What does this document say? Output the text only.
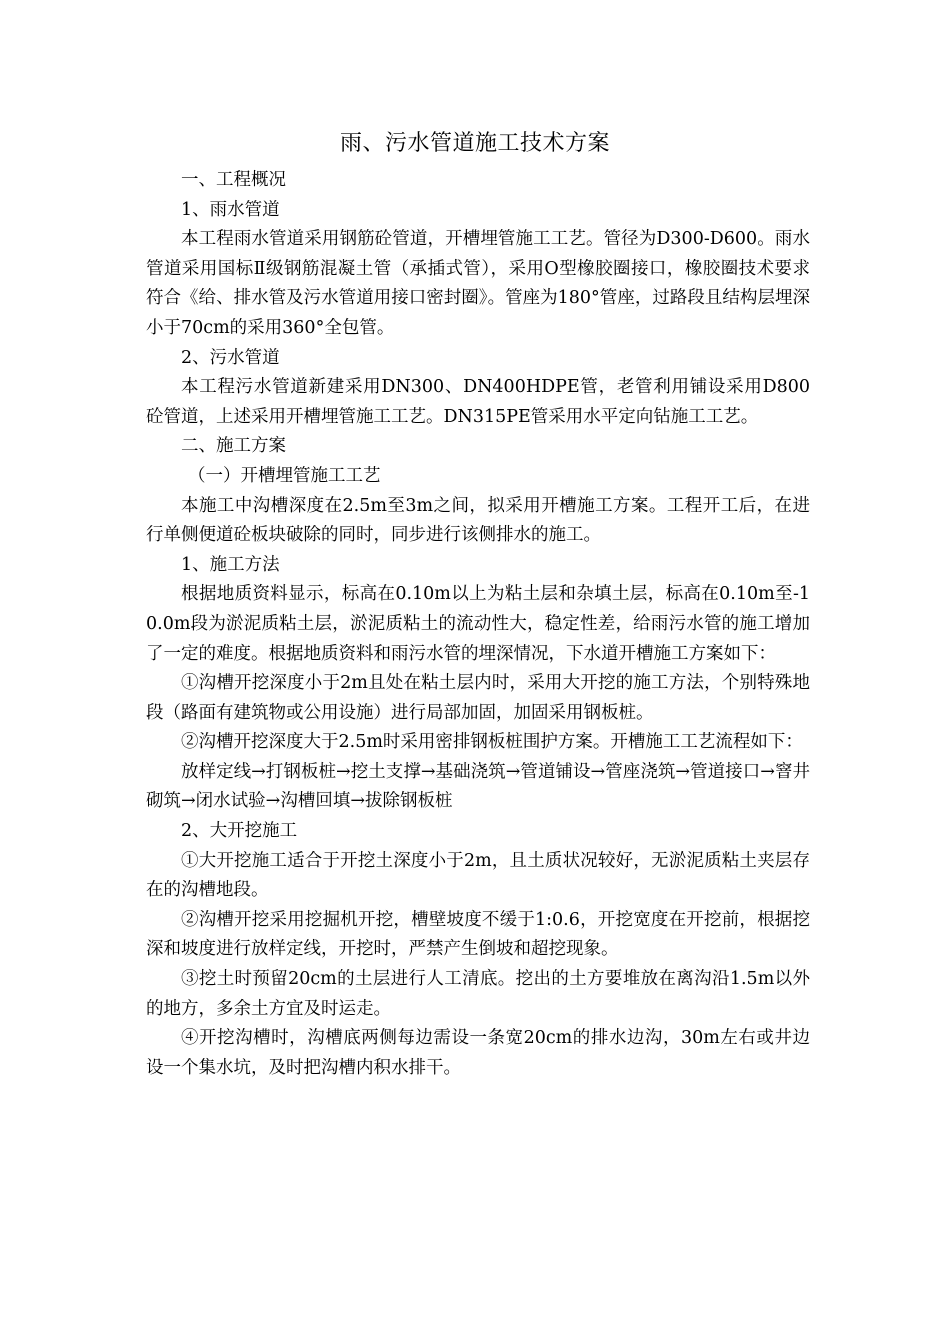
雨、污水管道施工技术方案

一、工程概况

1、雨水管道

本工程雨水管道采用钢筋砼管道，开槽埋管施工工艺。管径为D300-D600。雨水管道采用国标Ⅱ级钢筋混凝土管（承插式管），采用O型橡胶圈接口，橡胶圈技术要求符合《给、排水管及污水管道用接口密封圈》。管座为180°管座，过路段且结构层埋深小于70cm的采用360°全包管。

2、污水管道

本工程污水管道新建采用DN300、DN400HDPE管，老管利用铺设采用D800砼管道，上述采用开槽埋管施工工艺。DN315PE管采用水平定向钻施工工艺。

二、施工方案

（一）开槽埋管施工工艺

本施工中沟槽深度在2.5m至3m之间，拟采用开槽施工方案。工程开工后，在进行单侧便道砼板块破除的同时，同步进行该侧排水的施工。

1、施工方法

根据地质资料显示，标高在0.10m以上为粘土层和杂填土层，标高在0.10m至-10.0m段为淤泥质粘土层，淤泥质粘土的流动性大，稳定性差，给雨污水管的施工增加了一定的难度。根据地质资料和雨污水管的埋深情况，下水道开槽施工方案如下：

①沟槽开挖深度小于2m且处在粘土层内时，采用大开挖的施工方法，个别特殊地段（路面有建筑物或公用设施）进行局部加固，加固采用钢板桩。

②沟槽开挖深度大于2.5m时采用密排钢板桩围护方案。开槽施工工艺流程如下：

放样定线→打钢板桩→挖土支撑→基础浇筑→管道铺设→管座浇筑→管道接口→窨井砌筑→闭水试验→沟槽回填→拔除钢板桩

2、大开挖施工

①大开挖施工适合于开挖土深度小于2m，且土质状况较好，无淤泥质粘土夹层存在的沟槽地段。

②沟槽开挖采用挖掘机开挖，槽壁坡度不缓于1:0.6，开挖宽度在开挖前，根据挖深和坡度进行放样定线，开挖时，严禁产生倒坡和超挖现象。

③挖土时预留20cm的土层进行人工清底。挖出的土方要堆放在离沟沿1.5m以外的地方，多余土方宜及时运走。

④开挖沟槽时，沟槽底两侧每边需设一条宽20cm的排水边沟，30m左右或井边设一个集水坑，及时把沟槽内积水排干。
